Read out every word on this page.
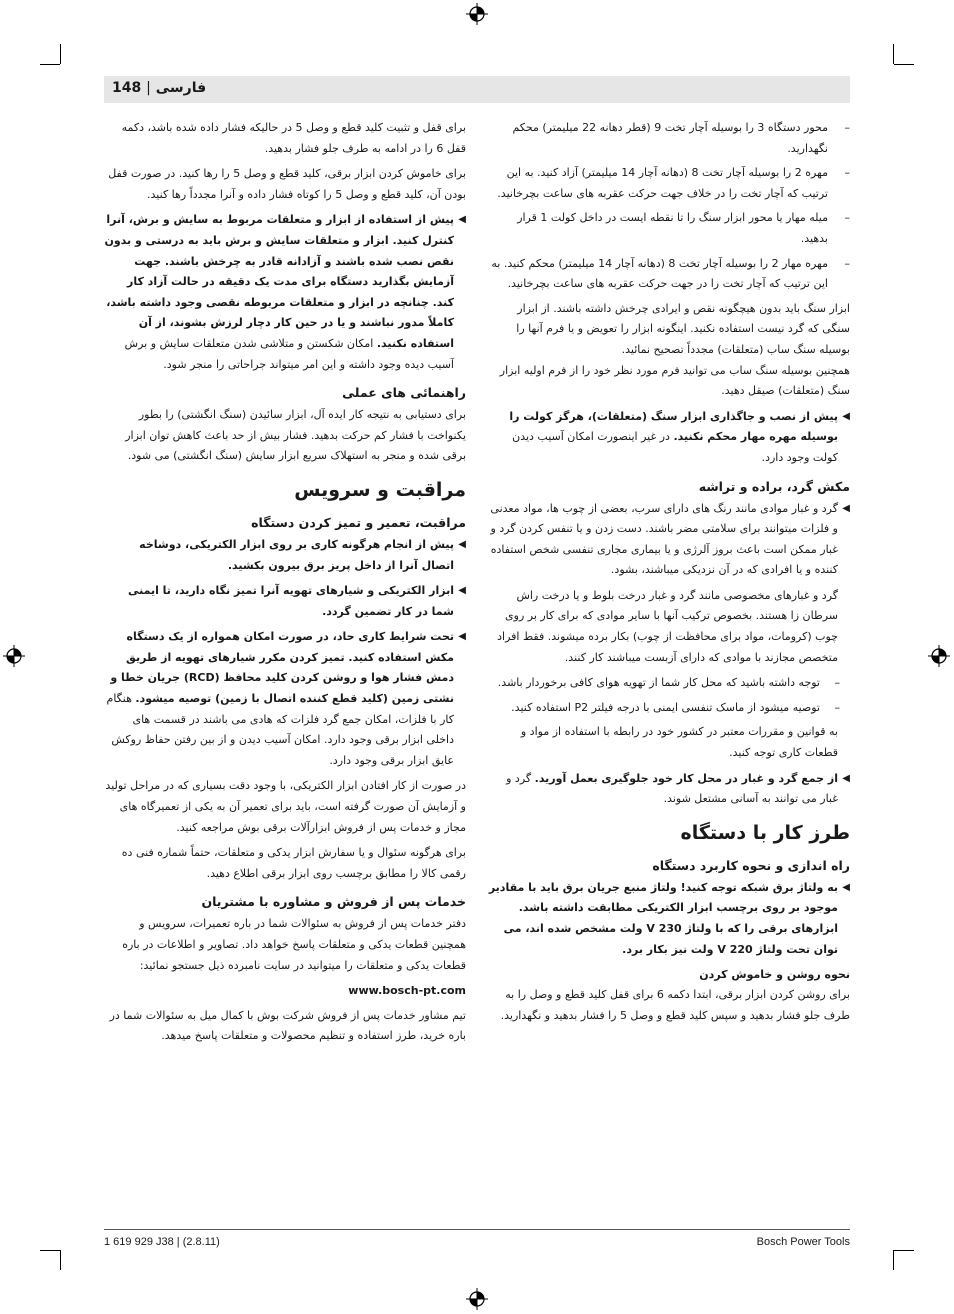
فارسی | 148
–
محور دستگاه 3 را بوسیله آچار تخت 9 (قطر دهانه 22 میلیمتر) محکم نگهدارید.
–
مهره 2 را بوسیله آچار تخت 8 (دهانه آچار 14 میلیمتر) آزاد کنید. به این ترتیب که آچار تخت را در خلاف جهت حرکت عقربه های ساعت بچرخانید.
–
میله مهار یا محور ابزار سنگ را تا نقطه ایست در داخل کولت 1 قرار بدهید.
–
مهره مهار 2 را بوسیله آچار تخت 8 (دهانه آچار 14 میلیمتر) محکم کنید. به این ترتیب که آچار تخت را در جهت حرکت عقربه های ساعت بچرخانید.

ابزار سنگ باید بدون هیچگونه نقص و ایرادی چرخش داشته باشند. از ابزار سنگی که گرد نیست استفاده نکنید. اینگونه ابزار را تعویض و یا فرم آنها را بوسیله سنگ ساب (متعلقات) مجدداً تصحیح نمائید.

همچنین بوسیله سنگ ساب می توانید فرم مورد نظر خود را از فرم اولیه ابزار سنگ (متعلقات) صیقل دهید.

◀
پیش از نصب و جاگذاری ابزار سنگ (متعلقات)، هرگز کولت را بوسیله مهره مهار محکم نکنید. در غیر اینصورت امکان آسیب دیدن کولت وجود دارد.
مکش گرد، براده و تراشه
◀
گرد و غبار موادی مانند رنگ های دارای سرب، بعضی از چوب ها، مواد معدنی و فلزات میتوانند برای سلامتی مضر باشند. دست زدن و یا تنفس کردن گرد و غبار ممکن است باعث بروز آلرژی و یا بیماری مجاری تنفسی شخص استفاده کننده و یا افرادی که در آن نزدیکی میباشند، بشود.

گرد و غبارهای مخصوصی مانند گرد و غبار درخت بلوط و یا درخت راش سرطان زا هستند. بخصوص ترکیب آنها با سایر موادی که برای کار بر روی چوب (کرومات، مواد برای محافظت از چوب) بکار برده میشوند. فقط افراد متخصص مجازند با موادی که دارای آزبست میباشند کار کنند.

–
توجه داشته باشید که محل کار شما از تهویه هوای کافی برخوردار باشد.
–
توصیه میشود از ماسک تنفسی ایمنی با درجه فیلتر P2 استفاده کنید.

به قوانین و مقررات معتبر در کشور خود در رابطه با استفاده از مواد و قطعات کاری توجه کنید.

◀
از جمع گرد و غبار در محل کار خود جلوگیری بعمل آورید. گرد و غبار می توانند به آسانی مشتعل شوند.
طرز کار با دستگاه
راه اندازی و نحوه کاربرد دستگاه
◀
به ولتاژ برق شبکه توجه کنید! ولتاژ منبع جریان برق باید با مقادیر موجود بر روی برچسب ابزار الکتریکی مطابقت داشته باشد. ابزارهای برقی را که با ولتاژ 230 V ولت مشخص شده اند، می توان تحت ولتاژ 220 V ولت نیز بکار برد.
نحوه روشن و خاموش کردن

برای روشن کردن ابزار برقی، ابتدا دکمه 6 برای قفل کلید قطع و وصل را به طرف جلو فشار بدهید و سپس کلید قطع و وصل 5 را فشار بدهید و نگهدارید.

برای قفل و تثبیت کلید قطع و وصل 5 در حالیکه فشار داده شده باشد، دکمه قفل 6 را در ادامه به طرف جلو فشار بدهید.

برای خاموش کردن ابزار برقی، کلید قطع و وصل 5 را رها کنید. در صورت قفل بودن آن، کلید قطع و وصل 5 را کوتاه فشار داده و آنرا مجدداً رها کنید.

◀
پیش از استفاده از ابزار و متعلقات مربوط به سایش و برش، آنرا کنترل کنید. ابزار و متعلقات سایش و برش باید به درستی و بدون نقص نصب شده باشند و آزادانه قادر به چرخش باشند. جهت آزمایش بگذارید دستگاه برای مدت یک دقیقه در حالت آزاد کار کند. چنانچه در ابزار و متعلقات مربوطه نقصی وجود داشته باشد، کاملاً مدور نباشند و یا در حین کار دچار لرزش بشوند، از آن استفاده نکنید. امکان شکستن و متلاشی شدن متعلقات سایش و برش آسیب دیده وجود داشته و این امر میتواند جراحاتی را منجر شود.
راهنمائی های عملی

برای دستیابی به نتیجه کار ایده آل، ابزار سائیدن (سنگ انگشتی) را بطور یکنواخت با فشار کم حرکت بدهید. فشار بیش از حد باعث کاهش توان ابزار برقی شده و منجر به استهلاک سریع ابزار سایش (سنگ انگشتی) می شود.

مراقبت و سرویس
مراقبت، تعمیر و تمیز کردن دستگاه
◀
پیش از انجام هرگونه کاری بر روی ابزار الکتریکی، دوشاخه اتصال آنرا از داخل پریز برق بیرون بکشید.
◀
ابزار الکتریکی و شیارهای تهویه آنرا تمیز نگاه دارید، تا ایمنی شما در کار تضمین گردد.
◀
تحت شرایط کاری حاد، در صورت امکان همواره از یک دستگاه مکش استفاده کنید. تمیز کردن مکرر شیارهای تهویه از طریق دمش فشار هوا و روشن کردن کلید محافظ (RCD) جریان خطا و نشتی زمین (کلید قطع کننده اتصال با زمین) توصیه میشود. هنگام کار با فلزات، امکان جمع گرد فلزات که هادی می باشند در قسمت های داخلی ابزار برقی وجود دارد. امکان آسیب دیدن و از بین رفتن حفاظ روکش عایق ابزار برقی وجود دارد.

در صورت از کار افتادن ابزار الکتریکی، با وجود دقت بسیاری که در مراحل تولید و آزمایش آن صورت گرفته است، باید برای تعمیر آن به یکی از تعمیرگاه های مجاز و خدمات پس از فروش ابزارآلات برقی بوش مراجعه کنید.

برای هرگونه سئوال و یا سفارش ابزار یدکی و متعلقات، حتماً شماره فنی ده رقمی کالا را مطابق برچسب روی ابزار برقی اطلاع دهید.

خدمات پس از فروش و مشاوره با مشتریان

دفتر خدمات پس از فروش به سئوالات شما در باره تعمیرات، سرویس و همچنین قطعات یدکی و متعلقات پاسخ خواهد داد. تصاویر و اطلاعات در باره قطعات یدکی و متعلقات را میتوانید در سایت نامبرده ذیل جستجو نمائید:

www.bosch-pt.com

تیم مشاور خدمات پس از فروش شرکت بوش با کمال میل به سئوالات شما در باره خرید، طرز استفاده و تنظیم محصولات و متعلقات پاسخ میدهد.

1 619 929 J38 | (2.8.11)	Bosch Power Tools
